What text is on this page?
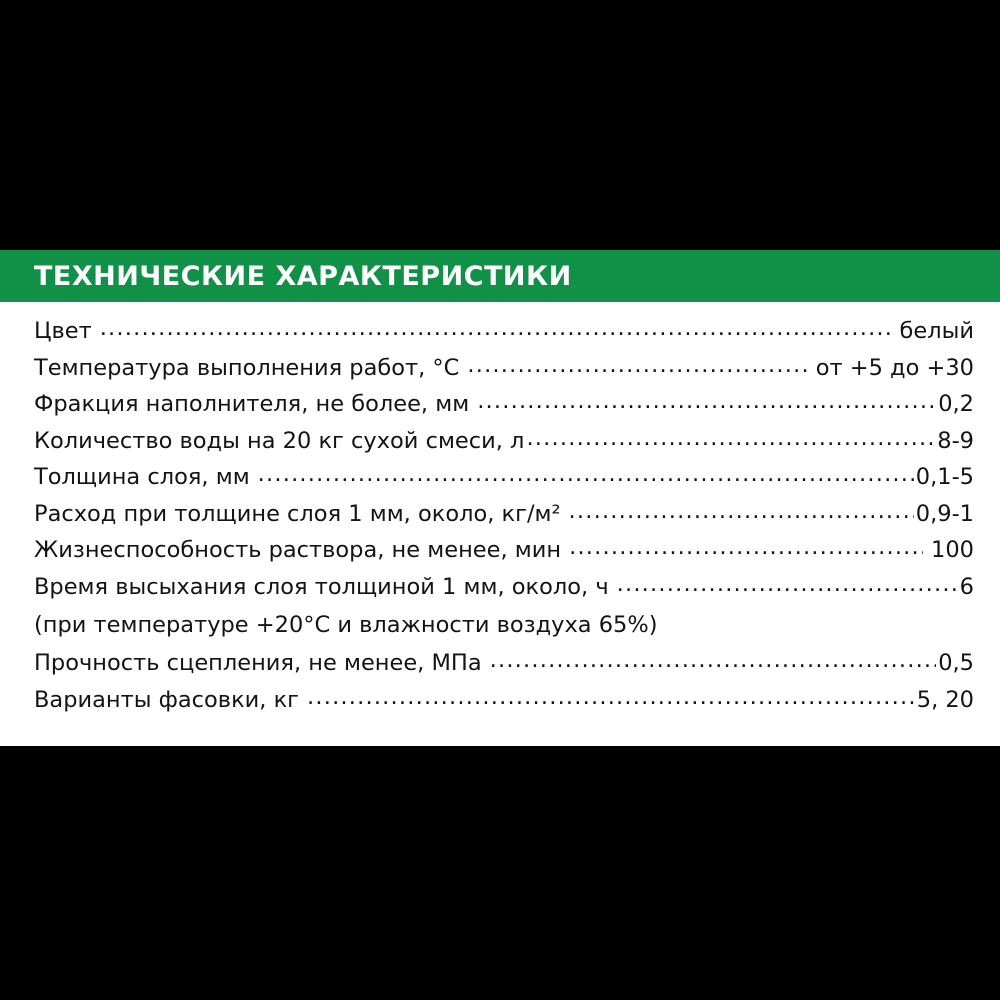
ТЕХНИЧЕСКИЕ ХАРАКТЕРИСТИКИ
Цвет .....	белый
Температура выполнения работ, °C .....	от +5 до +30
Фракция наполнителя, не более, мм .....	0,2
Количество воды на 20 кг сухой смеси, л .....	8-9
Толщина слоя, мм .....	0,1-5
Расход при толщине слоя 1 мм, около, кг/м² .....	0,9-1
Жизнеспособность раствора, не менее, мин .....	100
Время высыхания слоя толщиной 1 мм, около, ч .....	6
(при температуре +20°C и влажности воздуха 65%)
Прочность сцепления, не менее, МПа .....	0,5
Варианты фасовки, кг .....	5, 20
